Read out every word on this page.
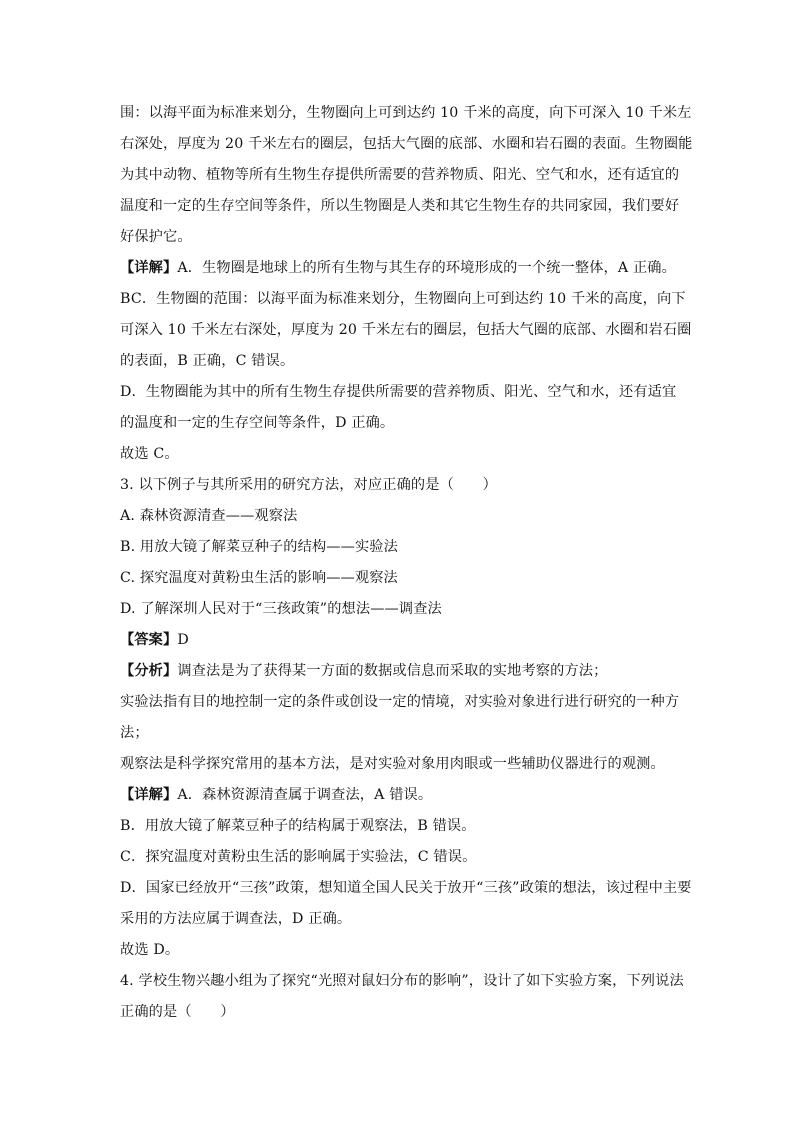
围：以海平面为标准来划分，生物圈向上可到达约 10 千米的高度，向下可深入 10 千米左
右深处，厚度为 20 千米左右的圈层，包括大气圈的底部、水圈和岩石圈的表面。生物圈能
为其中动物、植物等所有生物生存提供所需要的营养物质、阳光、空气和水，还有适宜的
温度和一定的生存空间等条件，所以生物圈是人类和其它生物生存的共同家园，我们要好
好保护它。
【详解】A．生物圈是地球上的所有生物与其生存的环境形成的一个统一整体，A 正确。
BC．生物圈的范围：以海平面为标准来划分，生物圈向上可到达约 10 千米的高度，向下
可深入 10 千米左右深处，厚度为 20 千米左右的圈层，包括大气圈的底部、水圈和岩石圈
的表面，B 正确，C 错误。
D．生物圈能为其中的所有生物生存提供所需要的营养物质、阳光、空气和水，还有适宜
的温度和一定的生存空间等条件，D 正确。
故选 C。
3. 以下例子与其所采用的研究方法，对应正确的是（　　）
A. 森林资源清查——观察法
B. 用放大镜了解菜豆种子的结构——实验法
C. 探究温度对黄粉虫生活的影响——观察法
D. 了解深圳人民对于“三孩政策”的想法——调查法
【答案】D
【分析】调查法是为了获得某一方面的数据或信息而采取的实地考察的方法；
实验法指有目的地控制一定的条件或创设一定的情境，对实验对象进行进行研究的一种方
法；
观察法是科学探究常用的基本方法，是对实验对象用肉眼或一些辅助仪器进行的观测。
【详解】A．森林资源清查属于调查法，A 错误。
B．用放大镜了解菜豆种子的结构属于观察法，B 错误。
C．探究温度对黄粉虫生活的影响属于实验法，C 错误。
D．国家已经放开“三孩”政策，想知道全国人民关于放开“三孩”政策的想法，该过程中主要
采用的方法应属于调查法，D 正确。
故选 D。
4. 学校生物兴趣小组为了探究“光照对鼠妇分布的影响”，设计了如下实验方案，下列说法
正确的是（　　）
